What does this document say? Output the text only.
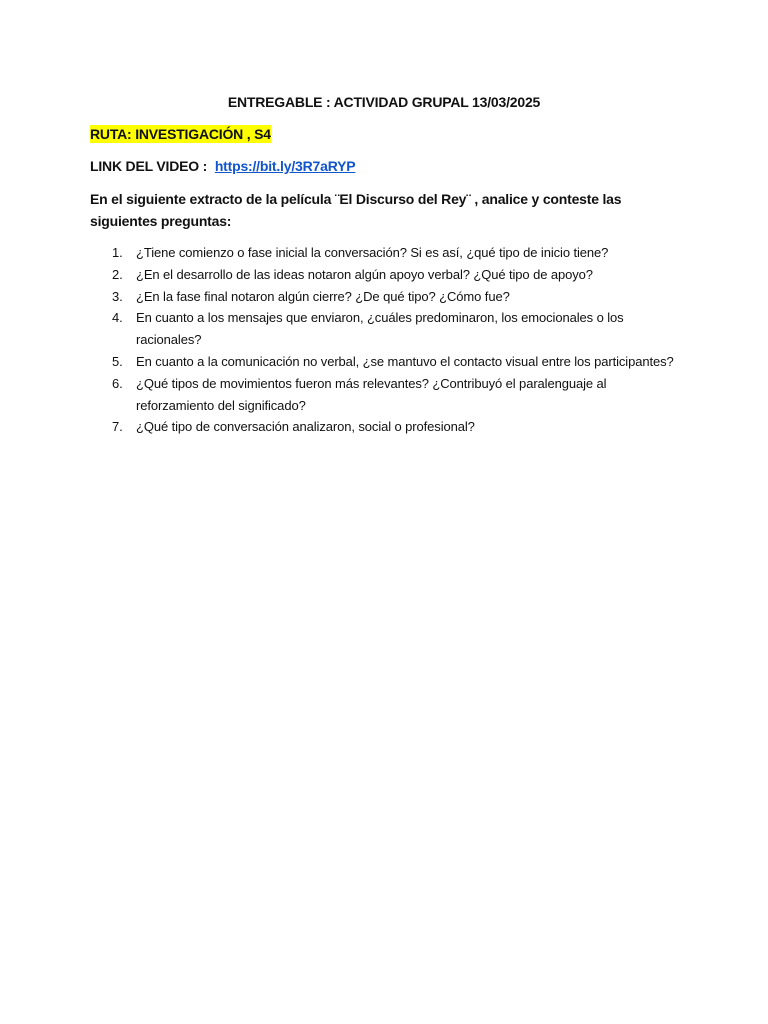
ENTREGABLE : ACTIVIDAD GRUPAL 13/03/2025
RUTA: INVESTIGACIÓN , S4
LINK DEL VIDEO : https://bit.ly/3R7aRYP
En el siguiente extracto de la película ¨El Discurso del Rey¨ , analice y conteste las siguientes preguntas:
1. ¿Tiene comienzo o fase inicial la conversación? Si es así, ¿qué tipo de inicio tiene?
2. ¿En el desarrollo de las ideas notaron algún apoyo verbal? ¿Qué tipo de apoyo?
3. ¿En la fase final notaron algún cierre? ¿De qué tipo? ¿Cómo fue?
4. En cuanto a los mensajes que enviaron, ¿cuáles predominaron, los emocionales o los racionales?
5. En cuanto a la comunicación no verbal, ¿se mantuvo el contacto visual entre los participantes?
6. ¿Qué tipos de movimientos fueron más relevantes? ¿Contribuyó el paralenguaje al reforzamiento del significado?
7. ¿Qué tipo de conversación analizaron, social o profesional?
